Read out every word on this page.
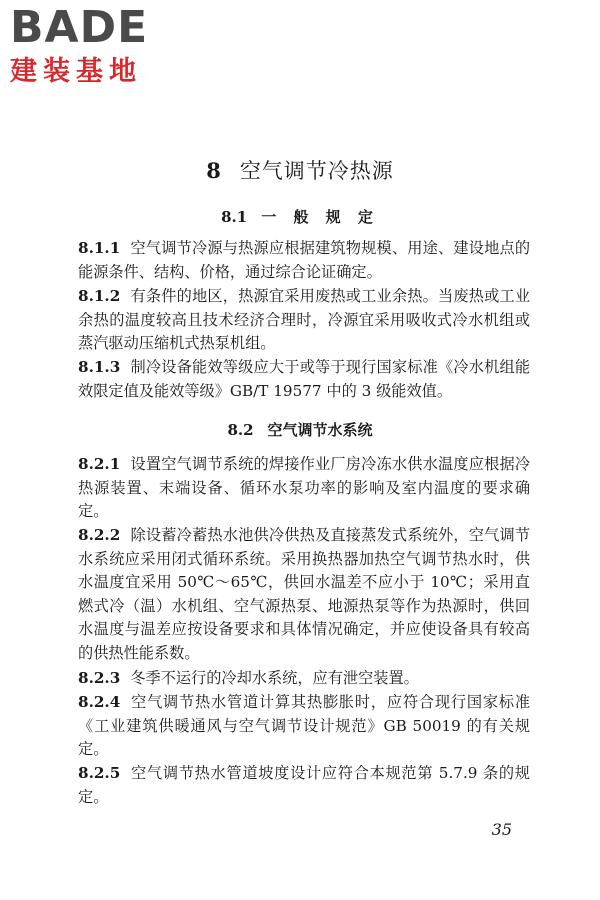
BADE
建装基地
8 空气调节冷热源
8.1 一 般 规 定
8.1.1 空气调节冷源与热源应根据建筑物规模、用途、建设地点的能源条件、结构、价格，通过综合论证确定。
8.1.2 有条件的地区，热源宜采用废热或工业余热。当废热或工业余热的温度较高且技术经济合理时，冷源宜采用吸收式冷水机组或蒸汽驱动压缩机式热泵机组。
8.1.3 制冷设备能效等级应大于或等于现行国家标准《冷水机组能效限定值及能效等级》GB/T 19577 中的 3 级能效值。
8.2 空气调节水系统
8.2.1 设置空气调节系统的焊接作业厂房冷冻水供水温度应根据冷热源装置、末端设备、循环水泵功率的影响及室内温度的要求确定。
8.2.2 除设蓄冷蓄热水池供冷供热及直接蒸发式系统外，空气调节水系统应采用闭式循环系统。采用换热器加热空气调节热水时，供水温度宜采用 50℃～65℃，供回水温差不应小于 10℃；采用直燃式冷（温）水机组、空气源热泵、地源热泵等作为热源时，供回水温度与温差应按设备要求和具体情况确定，并应使设备具有较高的供热性能系数。
8.2.3 冬季不运行的冷却水系统，应有泄空装置。
8.2.4 空气调节热水管道计算其热膨胀时，应符合现行国家标准《工业建筑供暖通风与空气调节设计规范》GB 50019 的有关规定。
8.2.5 空气调节热水管道坡度设计应符合本规范第 5.7.9 条的规定。
35
